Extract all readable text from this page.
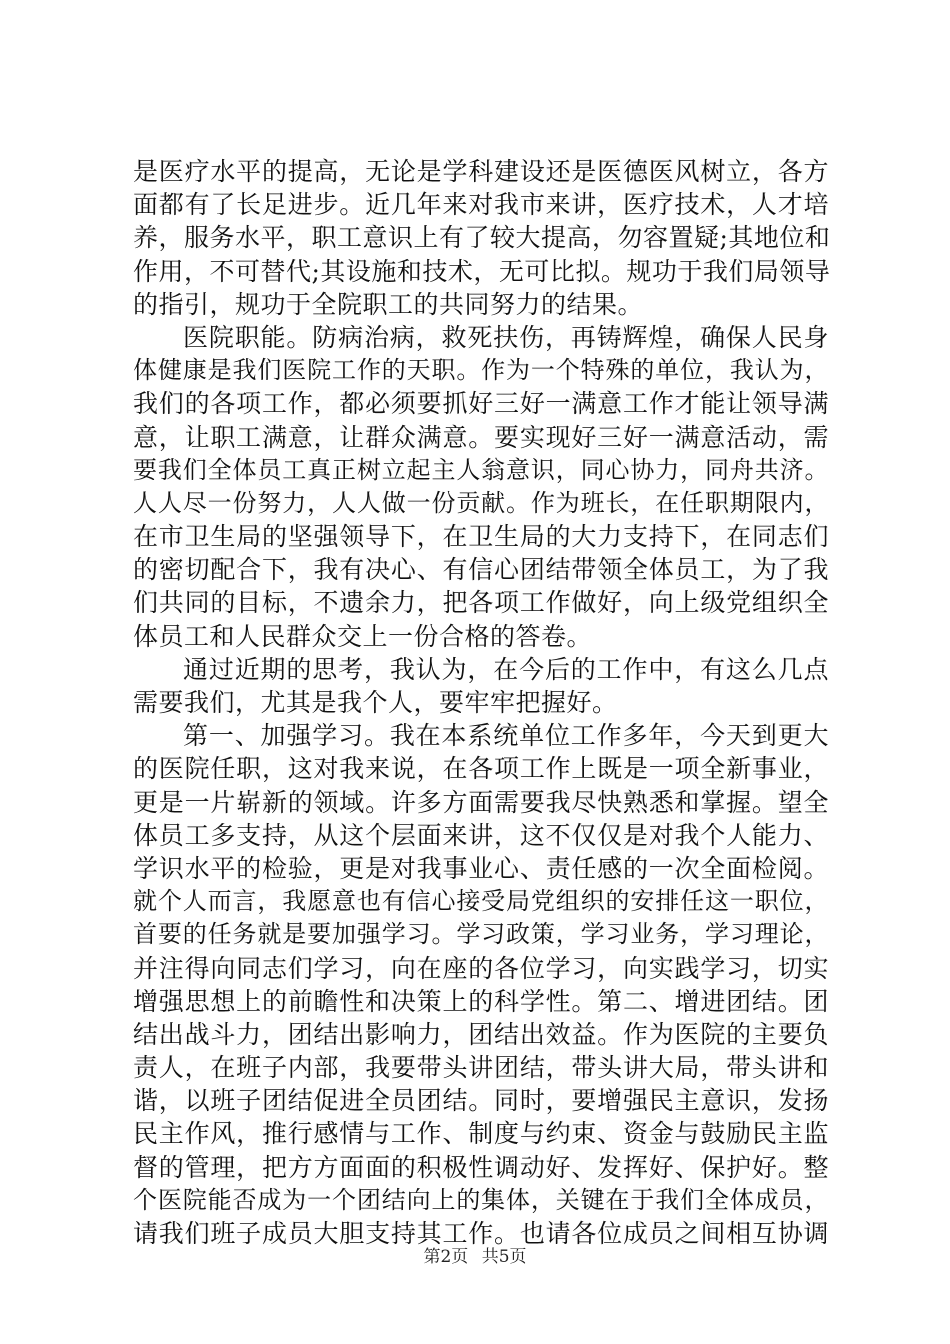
是医疗水平的提高，无论是学科建设还是医德医风树立，各方
面都有了长足进步。近几年来对我市来讲，医疗技术，人才培
养，服务水平，职工意识上有了较大提高，勿容置疑;其地位和
作用，不可替代;其设施和技术，无可比拟。规功于我们局领导
的指引，规功于全院职工的共同努力的结果。
医院职能。防病治病，救死扶伤，再铸辉煌，确保人民身
体健康是我们医院工作的天职。作为一个特殊的单位，我认为，
我们的各项工作，都必须要抓好三好一满意工作才能让领导满
意，让职工满意，让群众满意。要实现好三好一满意活动，需
要我们全体员工真正树立起主人翁意识，同心协力，同舟共济。
人人尽一份努力，人人做一份贡献。作为班长，在任职期限内，
在市卫生局的坚强领导下，在卫生局的大力支持下，在同志们
的密切配合下，我有决心、有信心团结带领全体员工，为了我
们共同的目标，不遗余力，把各项工作做好，向上级党组织全
体员工和人民群众交上一份合格的答卷。
通过近期的思考，我认为，在今后的工作中，有这么几点
需要我们，尤其是我个人，要牢牢把握好。
第一、加强学习。我在本系统单位工作多年，今天到更大
的医院任职，这对我来说，在各项工作上既是一项全新事业，
更是一片崭新的领域。许多方面需要我尽快熟悉和掌握。望全
体员工多支持，从这个层面来讲，这不仅仅是对我个人能力、
学识水平的检验，更是对我事业心、责任感的一次全面检阅。
就个人而言，我愿意也有信心接受局党组织的安排任这一职位，
首要的任务就是要加强学习。学习政策，学习业务，学习理论，
并注得向同志们学习，向在座的各位学习，向实践学习，切实
增强思想上的前瞻性和决策上的科学性。第二、增进团结。团
结出战斗力，团结出影响力，团结出效益。作为医院的主要负
责人，在班子内部，我要带头讲团结，带头讲大局，带头讲和
谐，以班子团结促进全员团结。同时，要增强民主意识，发扬
民主作风，推行感情与工作、制度与约束、资金与鼓励民主监
督的管理，把方方面面的积极性调动好、发挥好、保护好。整
个医院能否成为一个团结向上的集体，关键在于我们全体成员，
请我们班子成员大胆支持其工作。也请各位成员之间相互协调
第2页 共5页
